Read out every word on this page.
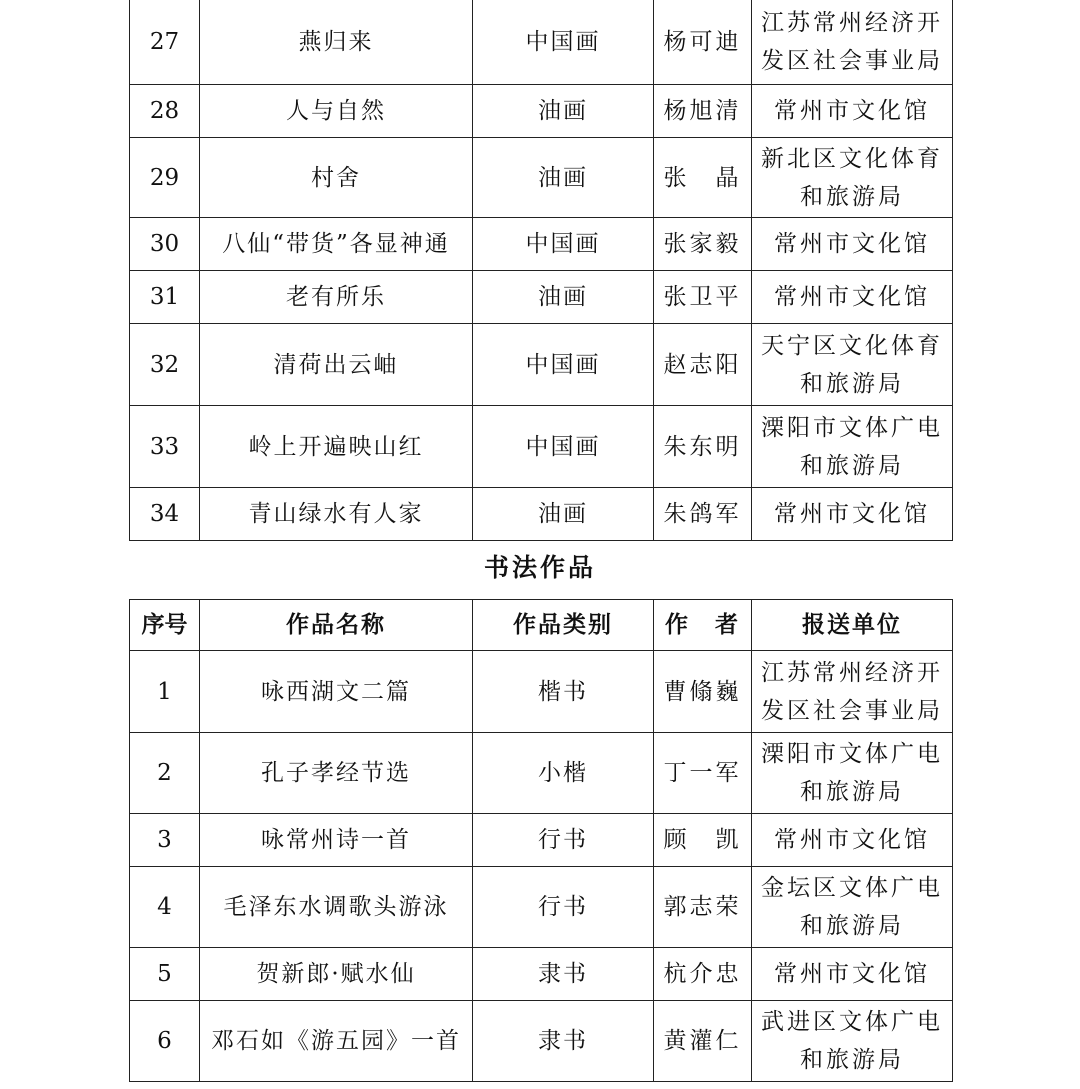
27	燕归来	中国画	杨可迪	江苏常州经济开发区社会事业局
28	人与自然	油画	杨旭清	常州市文化馆
29	村舍	油画	张　晶	新北区文化体育和旅游局
30	八仙“带货”各显神通	中国画	张家毅	常州市文化馆
31	老有所乐	油画	张卫平	常州市文化馆
32	清荷出云岫	中国画	赵志阳	天宁区文化体育和旅游局
33	岭上开遍映山红	中国画	朱东明	溧阳市文体广电和旅游局
34	青山绿水有人家	油画	朱鸽军	常州市文化馆
书法作品
序号	作品名称	作品类别	作　者	报送单位
1	咏西湖文二篇	楷书	曹翛巍	江苏常州经济开发区社会事业局
2	孔子孝经节选	小楷	丁一军	溧阳市文体广电和旅游局
3	咏常州诗一首	行书	顾　凯	常州市文化馆
4	毛泽东水调歌头游泳	行书	郭志荣	金坛区文体广电和旅游局
5	贺新郎·赋水仙	隶书	杭介忠	常州市文化馆
6	邓石如《游五园》一首	隶书	黄灌仁	武进区文体广电和旅游局
